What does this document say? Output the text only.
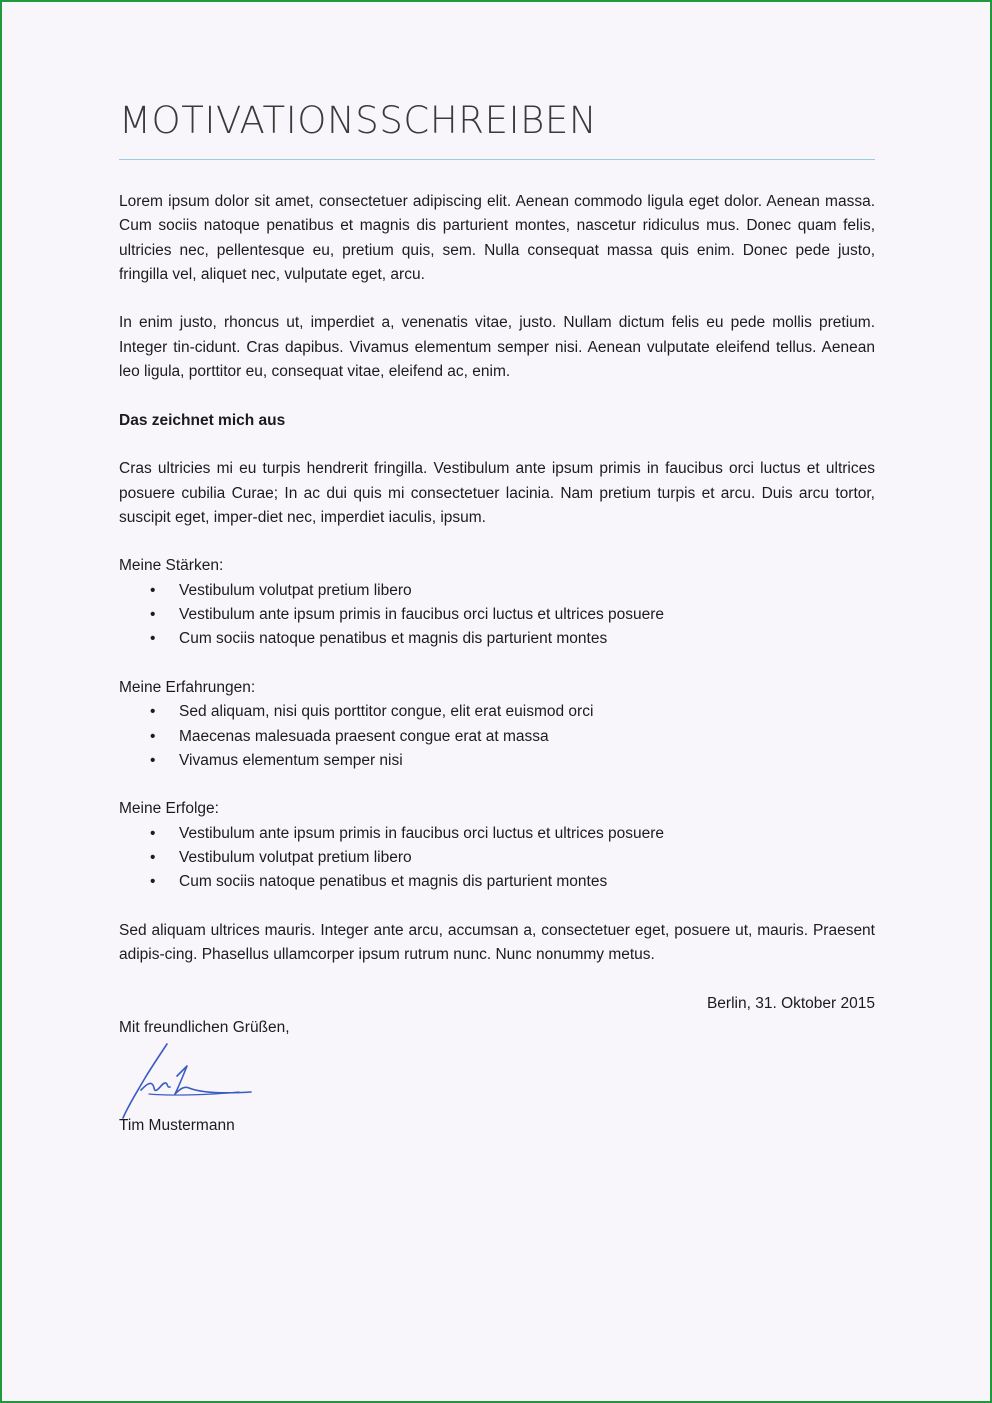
MOTIVATIONSSCHREIBEN

Lorem ipsum dolor sit amet, consectetuer adipiscing elit. Aenean commodo ligula eget dolor. Aenean massa. Cum sociis natoque penatibus et magnis dis parturient montes, nascetur ridiculus mus. Donec quam felis, ultricies nec, pellentesque eu, pretium quis, sem. Nulla consequat massa quis enim. Donec pede justo, fringilla vel, aliquet nec, vulputate eget, arcu.

In enim justo, rhoncus ut, imperdiet a, venenatis vitae, justo. Nullam dictum felis eu pede mollis pretium. Integer tin-cidunt. Cras dapibus. Vivamus elementum semper nisi. Aenean vulputate eleifend tellus. Aenean leo ligula, porttitor eu, consequat vitae, eleifend ac, enim.

Das zeichnet mich aus

Cras ultricies mi eu turpis hendrerit fringilla. Vestibulum ante ipsum primis in faucibus orci luctus et ultrices posuere cubilia Curae; In ac dui quis mi consectetuer lacinia. Nam pretium turpis et arcu. Duis arcu tortor, suscipit eget, imper-diet nec, imperdiet iaculis, ipsum.

Meine Stärken:
• Vestibulum volutpat pretium libero
• Vestibulum ante ipsum primis in faucibus orci luctus et ultrices posuere
• Cum sociis natoque penatibus et magnis dis parturient montes
Meine Erfahrungen:
• Sed aliquam, nisi quis porttitor congue, elit erat euismod orci
• Maecenas malesuada praesent congue erat at massa
• Vivamus elementum semper nisi
Meine Erfolge:
• Vestibulum ante ipsum primis in faucibus orci luctus et ultrices posuere
• Vestibulum volutpat pretium libero
• Cum sociis natoque penatibus et magnis dis parturient montes

Sed aliquam ultrices mauris. Integer ante arcu, accumsan a, consectetuer eget, posuere ut, mauris. Praesent adipis-cing. Phasellus ullamcorper ipsum rutrum nunc. Nunc nonummy metus.

Berlin, 31. Oktober 2015
Mit freundlichen Grüßen,
Tim Mustermann
